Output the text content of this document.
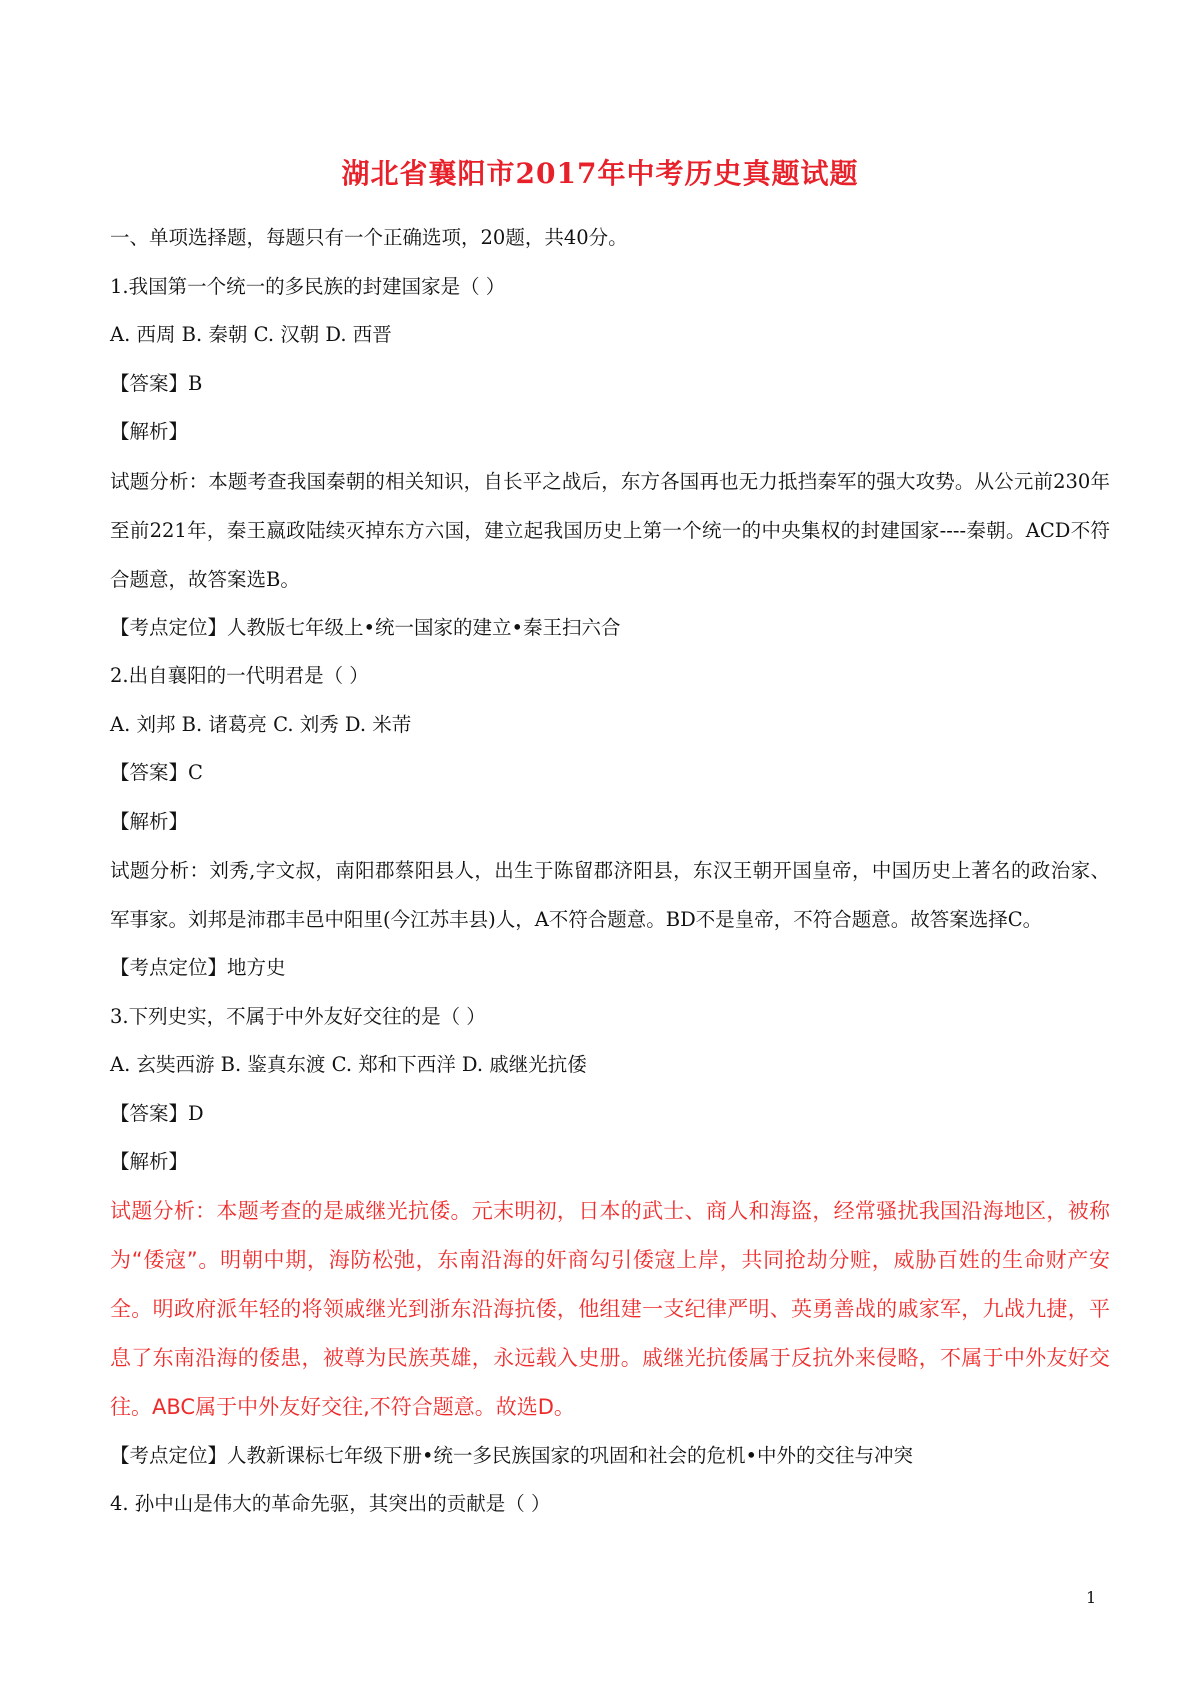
湖北省襄阳市2017年中考历史真题试题
一、单项选择题，每题只有一个正确选项，20题，共40分。
1.我国第一个统一的多民族的封建国家是（ ）
A. 西周 B. 秦朝 C. 汉朝 D. 西晋
【答案】B
【解析】
试题分析：本题考查我国秦朝的相关知识，自长平之战后，东方各国再也无力抵挡秦军的强大攻势。从公元前230年至前221年，秦王嬴政陆续灭掉东方六国，建立起我国历史上第一个统一的中央集权的封建国家----秦朝。ACD不符合题意，故答案选B。
【考点定位】人教版七年级上•统一国家的建立•秦王扫六合
2.出自襄阳的一代明君是（ ）
A. 刘邦 B. 诸葛亮 C. 刘秀 D. 米芾
【答案】C
【解析】
试题分析：刘秀,字文叔，南阳郡蔡阳县人，出生于陈留郡济阳县，东汉王朝开国皇帝，中国历史上著名的政治家、军事家。刘邦是沛郡丰邑中阳里(今江苏丰县)人，A不符合题意。BD不是皇帝，不符合题意。故答案选择C。
【考点定位】地方史
3.下列史实，不属于中外友好交往的是（ ）
A. 玄奘西游 B. 鉴真东渡 C. 郑和下西洋 D. 戚继光抗倭
【答案】D
【解析】
试题分析：本题考查的是戚继光抗倭。元末明初，日本的武士、商人和海盗，经常骚扰我国沿海地区，被称为“倭寇”。明朝中期，海防松弛，东南沿海的奸商勾引倭寇上岸，共同抢劫分赃，威胁百姓的生命财产安全。明政府派年轻的将领戚继光到浙东沿海抗倭，他组建一支纪律严明、英勇善战的戚家军，九战九捷，平息了东南沿海的倭患，被尊为民族英雄，永远载入史册。戚继光抗倭属于反抗外来侵略，不属于中外友好交往。ABC属于中外友好交往,不符合题意。故选D。
【考点定位】人教新课标七年级下册•统一多民族国家的巩固和社会的危机•中外的交往与冲突
4. 孙中山是伟大的革命先驱，其突出的贡献是（ ）
1
